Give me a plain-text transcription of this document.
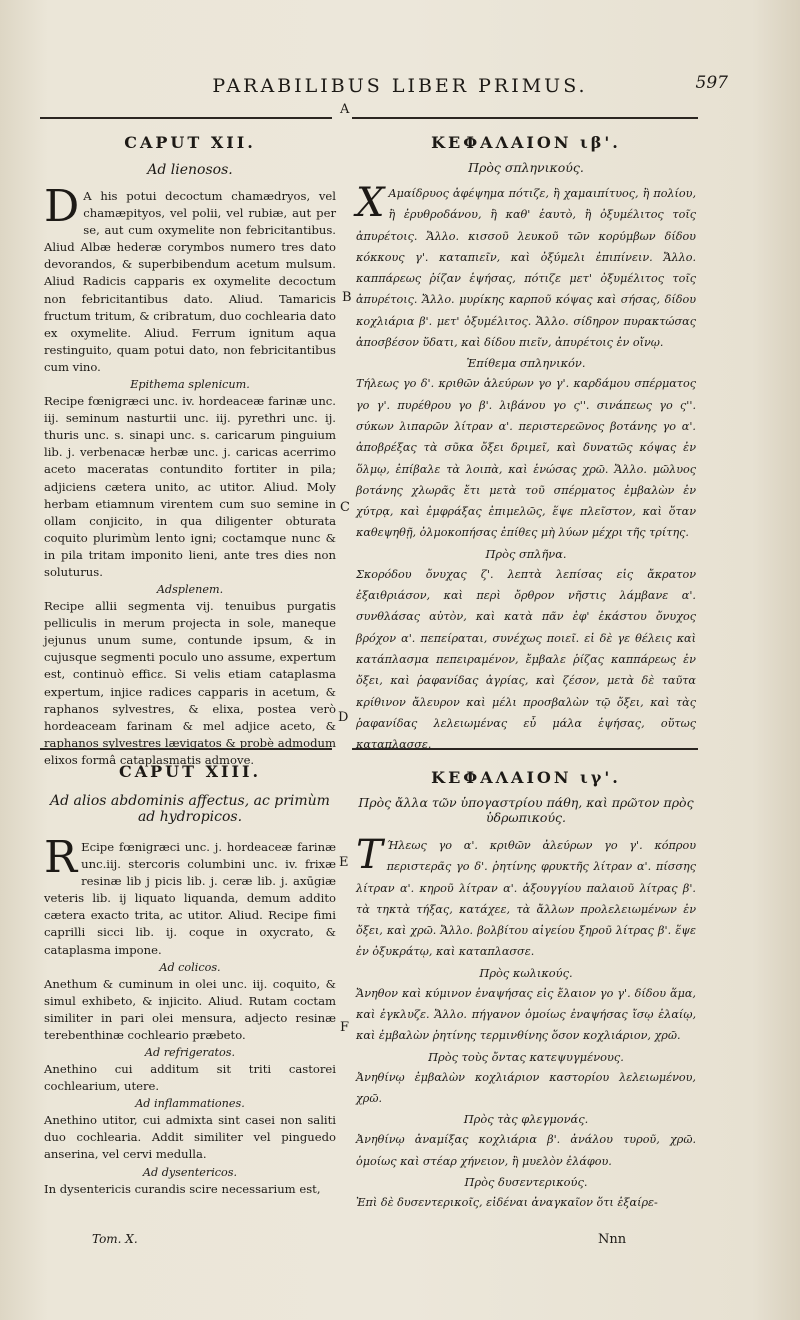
PARABILIBUS LIBER PRIMUS.	597
A
B
C
D
E
F
CAPUT XII.
Ad lienosos.

D A his potui decoctum chamædryos, vel chamæpityos, vel polii, vel rubiæ, aut per se, aut cum oxymelite non febricitantibus. Aliud Albæ hederæ corymbos numero tres dato devorandos, & superbibendum acetum mulsum. Aliud Radicis capparis ex oxymelite decoctum non febricitantibus dato. Aliud. Tamaricis fructum tritum, & cribratum, duo cochlearia dato ex oxymelite. Aliud. Ferrum ignitum aqua restinguito, quam potui dato, non febricitantibus cum vino.

Epithema splenicum.

Recipe fœnigræci unc. iv. hordeaceæ farinæ unc. iij. seminum nasturtii unc. iij. pyrethri unc. ij. thuris unc. s. sinapi unc. s. caricarum pinguium lib. j. verbenacæ herbæ unc. j. caricas acerrimo aceto maceratas contundito fortiter in pila; adjiciens cætera unito, ac utitor. Aliud. Moly herbam etiamnum virentem cum suo semine in ollam conjicito, in qua diligenter obturata coquito plurimùm lento igni; coctamque nunc & in pila tritam imponito lieni, ante tres dies non soluturus.

Adsplenem.

Recipe allii segmenta vij. tenuibus purgatis pelliculis in merum projecta in sole, maneque jejunus unum sume, contunde ipsum, & in cujusque segmenti poculo uno assume, expertum est, continuò efficε. Si velis etiam cataplasma expertum, injice radices capparis in acetum, & raphanos sylvestres, & elixa, postea verò hordeaceam farinam & mel adjice aceto, & raphanos sylvestres lævigatos & probè admodum elixos formâ cataplasmatis admove.

ΚΕΦΑΛΑΙΟΝ ιβ'.
Πρὸς σπληνικούς.

Χ Αμαίδρυος ἀφέψημα πότιζε, ἢ χαμαιπίτυος, ἢ πολίου, ἢ ἐρυθροδάνου, ἢ καθ' ἑαυτὸ, ἢ ὀξυμέλιτος τοῖς ἀπυρέτοις. Ἄλλο. κισσοῦ λευκοῦ τῶν κορύμβων δίδου κόκκους γ'. καταπιεῖν, καὶ ὀξύμελι ἐπιπίνειν. Ἄλλο. καππάρεως ῥίζαν ἑψήσας, πότιζε μετ' ὀξυμέλιτος τοῖς ἀπυρέτοις. Ἄλλο. μυρίκης καρποῦ κόψας καὶ σήσας, δίδου κοχλιάρια β'. μετ' ὀξυμέλιτος. Ἄλλο. σίδηρον πυρακτώσας ἀποσβέσον ὕδατι, καὶ δίδου πιεῖν, ἀπυρέτοις ἐν οἴνῳ.

Ἐπίθεμα σπληνικόν.

Τήλεως γο δ'. κριθῶν ἀλεύρων γο γ'. καρδάμου σπέρματος γο γ'. πυρέθρου γο β'. λιβάνου γο ς''. σινάπεως γο ς''. σύκων λιπαρῶν λίτραν α'. περιστερεῶνος βοτάνης γο α'. ἀποβρέξας τὰ σῦκα ὄξει δριμεῖ, καὶ δυνατῶς κόψας ἐν ὅλμῳ, ἐπίβαλε τὰ λοιπὰ, καὶ ἑνώσας χρῶ. Ἄλλο. μῶλυος βοτάνης χλωρᾶς ἔτι μετὰ τοῦ σπέρματος ἐμβαλὼν ἐν χύτρᾳ, καὶ ἐμφράξας ἐπιμελῶς, ἕψε πλεῖστον, καὶ ὅταν καθεψηθῇ, ὀλμοκοπήσας ἐπίθες μὴ λύων μέχρι τῆς τρίτης.

Πρὸς σπλῆνα.

Σκορόδου ὄνυχας ζ'. λεπτὰ λεπίσας εἰς ἄκρατον ἐξαιθριάσον, καὶ περὶ ὄρθρον νῆστις λάμβανε α'. συνθλάσας αὐτὸν, καὶ κατὰ πᾶν ἐφ' ἑκάστου ὄνυχος βρόχον α'. πεπείραται, συνέχως ποιεῖ. εἰ δὲ γε θέλεις καὶ κατάπλασμα πεπειραμένον, ἔμβαλε ῥίζας καππάρεως ἐν ὄξει, καὶ ῥαφανίδας ἀγρίας, καὶ ζέσον, μετὰ δὲ ταῦτα κρίθινον ἄλευρον καὶ μέλι προσβαλὼν τῷ ὄξει, καὶ τὰς ῥαφανίδας λελειωμένας εὖ μάλα ἑψήσας, οὕτως καταπλασσε.

CAPUT XIII.
Ad alios abdominis affectus, ac primùm ad hydropicos.

R Ecipe fœnigræci unc. j. hordeaceæ farinæ unc.iij. stercoris columbini unc. iv. frixæ resinæ lib j picis lib. j. ceræ lib. j. axūgiæ veteris lib. ij liquato liquanda, demum addito cætera exacto trita, ac utitor. Aliud. Recipe fimi caprilli sicci lib. ij. coque in oxycrato, & cataplasma impone.

Ad colicos.

Anethum & cuminum in olei unc. iij. coquito, & simul exhibeto, & injicito. Aliud. Rutam coctam similiter in pari olei mensura, adjecto resinæ terebenthinæ cochleario præbeto.

Ad refrigeratos.

Anethino cui additum sit triti castorei cochlearium, utere.

Ad inflammationes.

Anethino utitor, cui admixta sint casei non saliti duo cochlearia. Addit similiter vel pinguedo anserina, vel cervi medulla.

Ad dysentericos.

In dysentericis curandis scire necessarium est,

ΚΕΦΑΛΑΙΟΝ ιγ'.
Πρὸς ἄλλα τῶν ὑπογαστρίου πάθη, καὶ πρῶτον πρὸς ὑδρωπικούς.

Τ Ήλεως γο α'. κριθῶν ἀλεύρων γο γ'. κόπρου περιστερᾶς γο δ'. ῥητίνης φρυκτῆς λίτραν α'. πίσσης λίτραν α'. κηροῦ λίτραν α'. ἀξουγγίου παλαιοῦ λίτρας β'. τὰ τηκτὰ τήξας, κατάχεε, τὰ ἄλλων προλελειωμένων ἐν ὄξει, καὶ χρῶ. Ἄλλο. βολβίτου αἰγείου ξηροῦ λίτρας β'. ἕψε ἐν ὀξυκράτῳ, καὶ καταπλασσε.

Πρὸς κωλικούς.

Ἄνηθον καὶ κύμινον ἐναψήσας εἰς ἔλαιον γο γ'. δίδου ἅμα, καὶ ἐγκλυζε. Ἄλλο. πήγανον ὁμοίως ἐναψήσας ἴσῳ ἐλαίῳ, καὶ ἐμβαλὼν ῥητίνης τερμινθίνης ὅσον κοχλιάριον, χρῶ.

Πρὸς τοὺς ὄντας κατεψυγμένους.

Ἀνηθίνῳ ἐμβαλὼν κοχλιάριον καστορίου λελειωμένου, χρῶ.

Πρὸς τὰς φλεγμονάς.

Ἀνηθίνῳ ἀναμίξας κοχλιάρια β'. ἀνάλου τυροῦ, χρῶ. ὁμοίως καὶ στέαρ χήνειον, ἢ μυελὸν ἐλάφου.

Πρὸς δυσεντερικούς.

Ἐπὶ δὲ δυσεντερικοῖς, εἰδέναι ἀναγκαῖον ὅτι ἐξαίρε-

Tom. X.	Nnn
